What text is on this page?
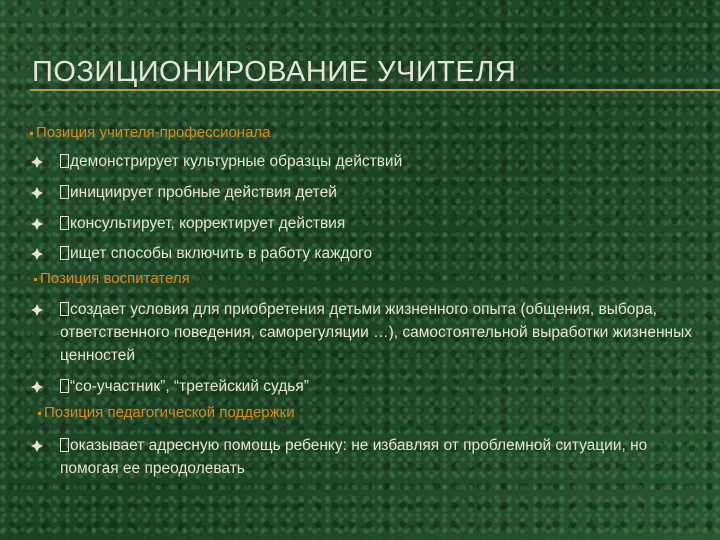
ПОЗИЦИОНИРОВАНИЕ УЧИТЕЛЯ
Позиция учителя-профессионала
демонстрирует культурные образцы действий
инициирует пробные действия детей
консультирует, корректирует действия
ищет способы включить в работу каждого
Позиция воспитателя
создает условия для приобретения детьми жизненного опыта (общения, выбора, ответственного поведения, саморегуляции …), самостоятельной выработки жизненных ценностей
“со-участник”, “третейский судья”
Позиция педагогической поддержки
оказывает адресную помощь ребенку: не избавляя от проблемной ситуации, но помогая ее преодолевать
